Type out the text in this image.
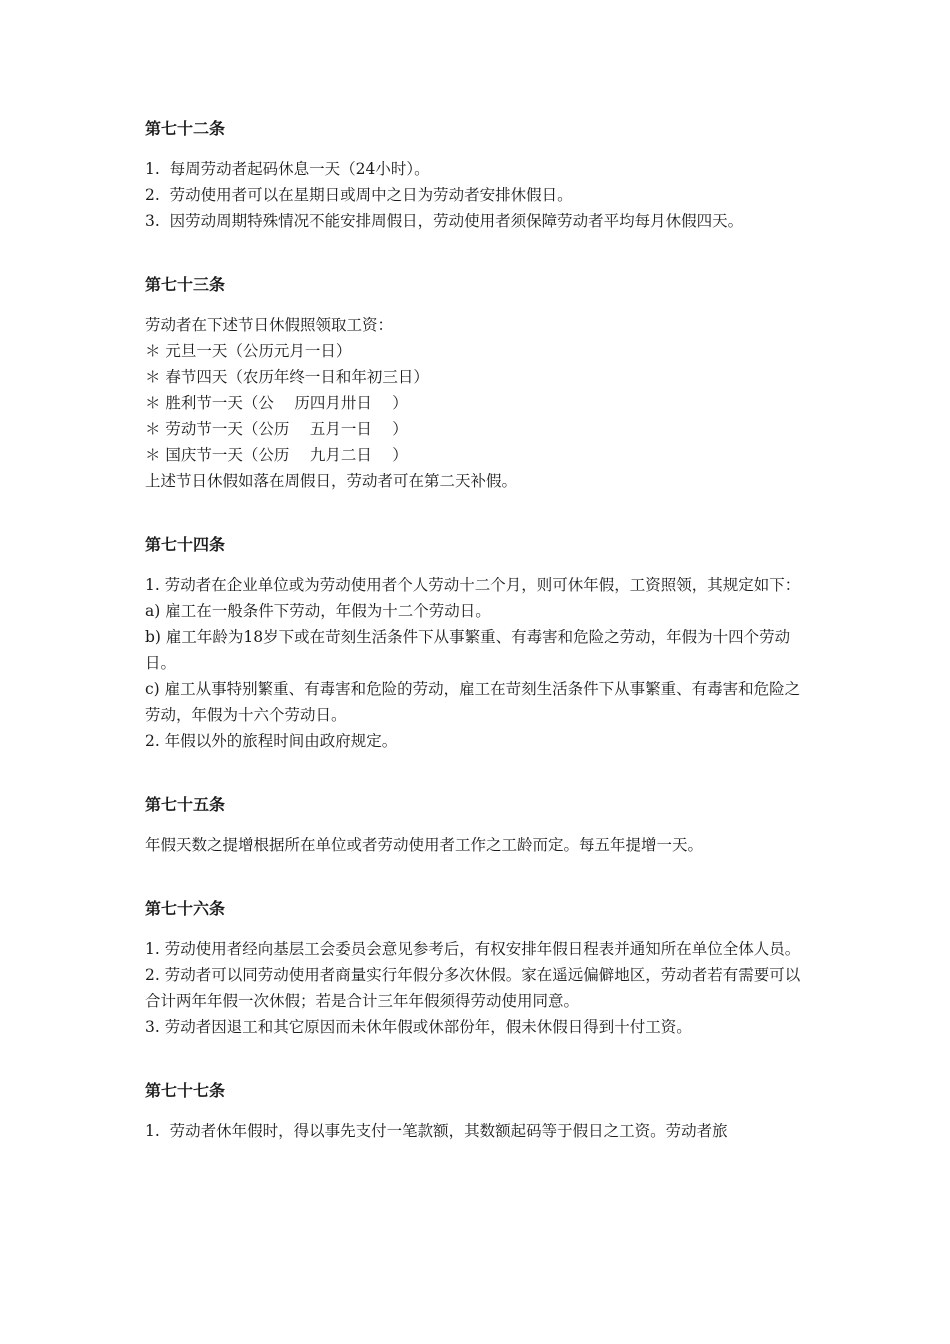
第七十二条

1.  每周劳动者起码休息一天（24小时）。

2.  劳动使用者可以在星期日或周中之日为劳动者安排休假日。

3.  因劳动周期特殊情况不能安排周假日，劳动使用者须保障劳动者平均每月休假四天。

第七十三条

劳动者在下述节日休假照领取工资：

＊ 元旦一天（公历元月一日）

＊ 春节四天（农历年终一日和年初三日）

＊ 胜利节一天（公　 历四月卅日　 ）

＊ 劳动节一天（公历　 五月一日　 ）

＊ 国庆节一天（公历　 九月二日　 ）

上述节日休假如落在周假日，劳动者可在第二天补假。

第七十四条

1. 劳动者在企业单位或为劳动使用者个人劳动十二个月，则可休年假，工资照领，其规定如下：

a) 雇工在一般条件下劳动，年假为十二个劳动日。

b) 雇工年龄为18岁下或在苛刻生活条件下从事繁重、有毒害和危险之劳动，年假为十四个劳动日。

c) 雇工从事特别繁重、有毒害和危险的劳动，雇工在苛刻生活条件下从事繁重、有毒害和危险之劳动，年假为十六个劳动日。

2. 年假以外的旅程时间由政府规定。

第七十五条

年假天数之提增根据所在单位或者劳动使用者工作之工龄而定。每五年提增一天。

第七十六条

1. 劳动使用者经向基层工会委员会意见参考后，有权安排年假日程表并通知所在单位全体人员。

2. 劳动者可以同劳动使用者商量实行年假分多次休假。家在遥远偏僻地区，劳动者若有需要可以合计两年年假一次休假；若是合计三年年假须得劳动使用同意。

3. 劳动者因退工和其它原因而未休年假或休部份年，假未休假日得到十付工资。

第七十七条

1.  劳动者休年假时，得以事先支付一笔款额，其数额起码等于假日之工资。劳动者旅
